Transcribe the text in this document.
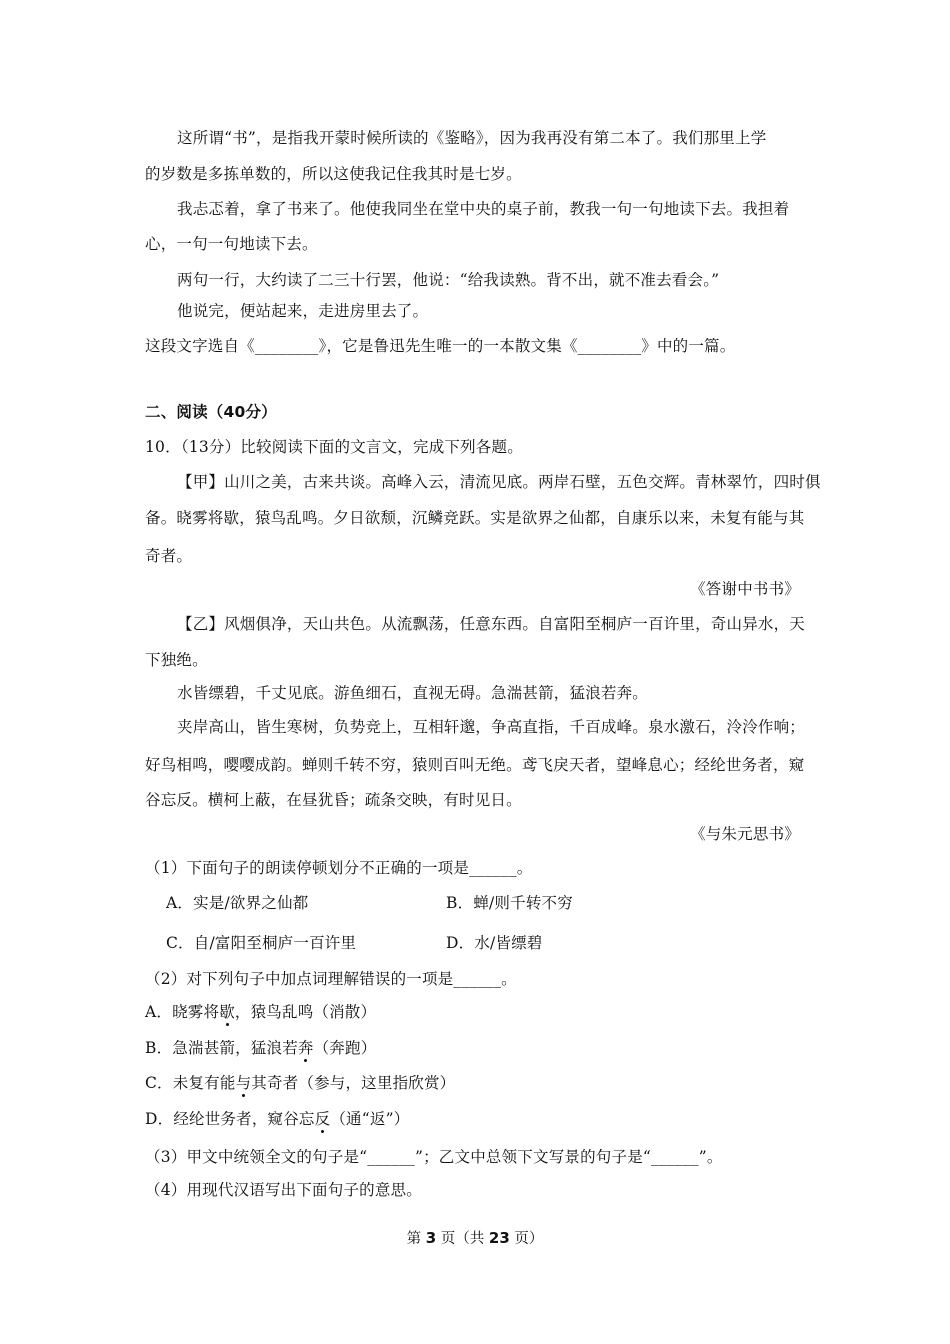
这所谓“书”，是指我开蒙时候所读的《鉴略》，因为我再没有第二本了。我们那里上学
的岁数是多拣单数的，所以这使我记住我其时是七岁。
我忐忑着，拿了书来了。他使我同坐在堂中央的桌子前，教我一句一句地读下去。我担着
心，一句一句地读下去。
两句一行，大约读了二三十行罢，他说：“给我读熟。背不出，就不准去看会。”
他说完，便站起来，走进房里去了。
这段文字选自《________》，它是鲁迅先生唯一的一本散文集《________》中的一篇。
二、阅读（40分）
10．（13分）比较阅读下面的文言文，完成下列各题。
【甲】山川之美，古来共谈。高峰入云，清流见底。两岸石壁，五色交辉。青林翠竹，四时俱
备。晓雾将歇，猿鸟乱鸣。夕日欲颓，沉鳞竞跃。实是欲界之仙都，自康乐以来，未复有能与其
奇者。
《答谢中书书》
【乙】风烟俱净，天山共色。从流飘荡，任意东西。自富阳至桐庐一百许里，奇山异水，天
下独绝。
水皆缥碧，千丈见底。游鱼细石，直视无碍。急湍甚箭，猛浪若奔。
夹岸高山，皆生寒树，负势竞上，互相轩邈，争高直指，千百成峰。泉水激石，泠泠作响；
好鸟相鸣，嘤嘤成韵。蝉则千转不穷，猿则百叫无绝。鸢飞戾天者，望峰息心；经纶世务者，窥
谷忘反。横柯上蔽，在昼犹昏；疏条交映，有时见日。
《与朱元思书》
（1）下面句子的朗读停顿划分不正确的一项是______。
A．实是/欲界之仙都	B．蝉/则千转不穷
C．自/富阳至桐庐一百许里	D．水/皆缥碧
（2）对下列句子中加点词理解错误的一项是______。
A．晓雾将歇，猿鸟乱鸣（消散）
B．急湍甚箭，猛浪若奔（奔跑）
C．未复有能与其奇者（参与，这里指欣赏）
D．经纶世务者，窥谷忘反（通“返”）
（3）甲文中统领全文的句子是“______”；乙文中总领下文写景的句子是“______”。
（4）用现代汉语写出下面句子的意思。
第 3 页（共 23 页）
